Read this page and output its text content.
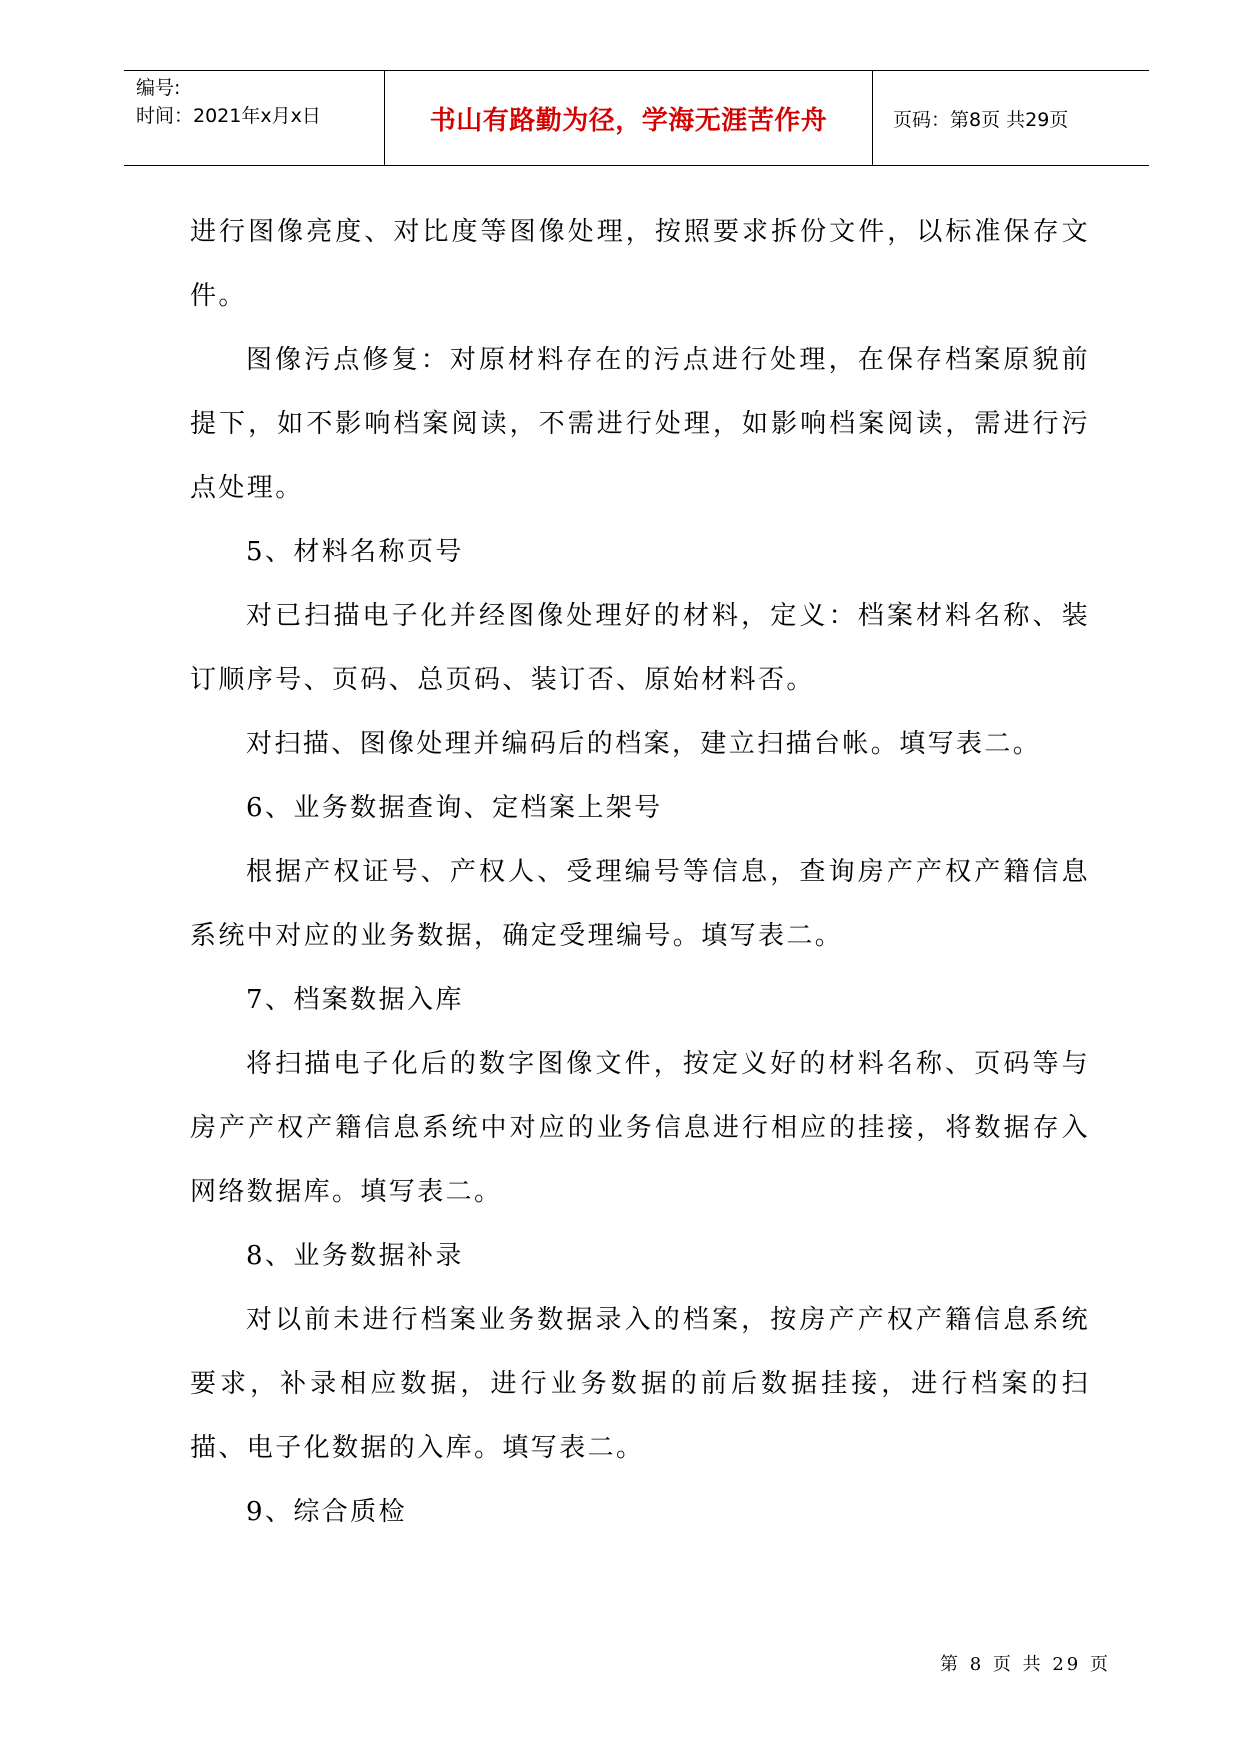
编号:
时间：2021年x月x日	书山有路勤为径，学海无涯苦作舟	页码：第8页 共29页

进行图像亮度、对比度等图像处理，按照要求拆份文件，以标准保存文件。

图像污点修复：对原材料存在的污点进行处理，在保存档案原貌前提下，如不影响档案阅读，不需进行处理，如影响档案阅读，需进行污点处理。

5、材料名称页号

对已扫描电子化并经图像处理好的材料，定义：档案材料名称、装订顺序号、页码、总页码、装订否、原始材料否。

对扫描、图像处理并编码后的档案，建立扫描台帐。填写表二。

6、业务数据查询、定档案上架号

根据产权证号、产权人、受理编号等信息，查询房产产权产籍信息系统中对应的业务数据，确定受理编号。填写表二。

7、档案数据入库

将扫描电子化后的数字图像文件，按定义好的材料名称、页码等与房产产权产籍信息系统中对应的业务信息进行相应的挂接，将数据存入网络数据库。填写表二。

8、业务数据补录

对以前未进行档案业务数据录入的档案，按房产产权产籍信息系统要求，补录相应数据，进行业务数据的前后数据挂接，进行档案的扫描、电子化数据的入库。填写表二。

9、综合质检

第 8 页 共 29 页
